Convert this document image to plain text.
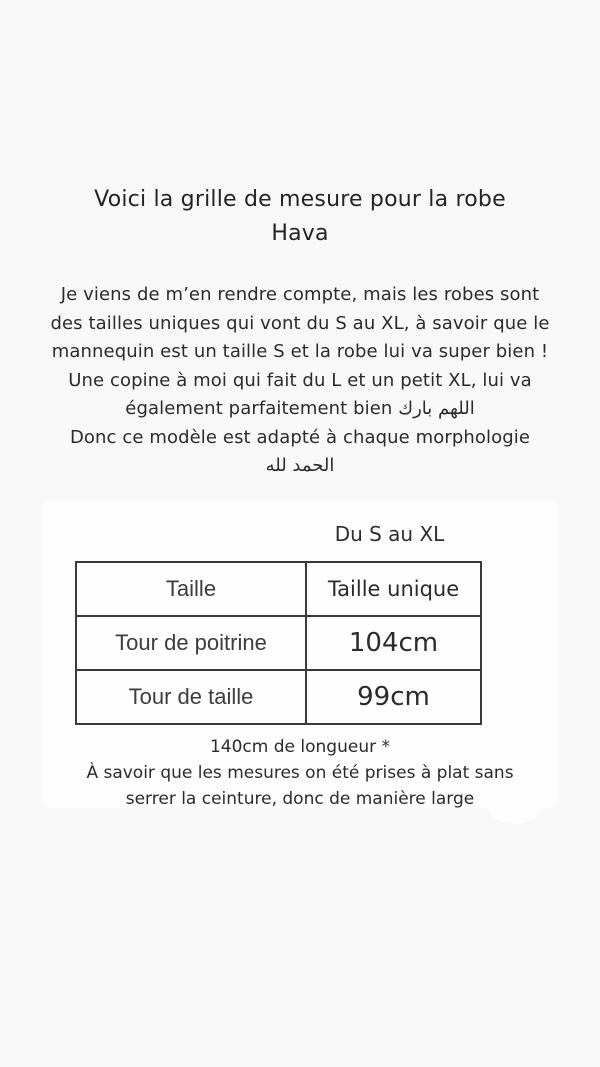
Voici la grille de mesure pour la robe
Hava
Je viens de m’en rendre compte, mais les robes sont
des tailles uniques qui vont du S au XL, à savoir que le
mannequin est un taille S et la robe lui va super bien !
Une copine à moi qui fait du L et un petit XL, lui va
également parfaitement bien اللهم بارك
Donc ce modèle est adapté à chaque morphologie
الحمد لله
Du S au XL
Taille	Taille unique
Tour de poitrine	104cm
Tour de taille	99cm
140cm de longueur *
À savoir que les mesures on été prises à plat sans
serrer la ceinture, donc de manière large
